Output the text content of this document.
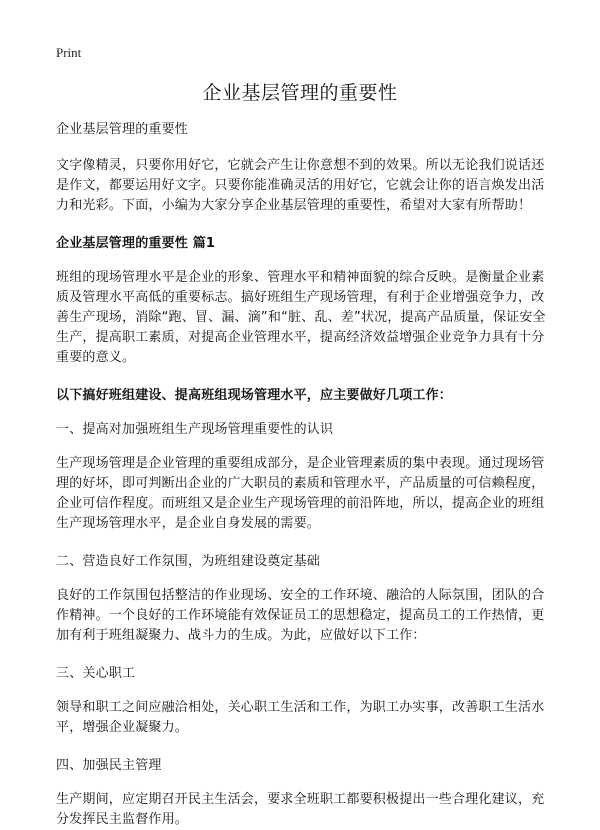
Print
企业基层管理的重要性

企业基层管理的重要性

文字像精灵，只要你用好它，它就会产生让你意想不到的效果。所以无论我们说话还是作文，都要运用好文字。只要你能准确灵活的用好它，它就会让你的语言焕发出活力和光彩。下面，小编为大家分享企业基层管理的重要性，希望对大家有所帮助！

企业基层管理的重要性 篇1

班组的现场管理水平是企业的形象、管理水平和精神面貌的综合反映。是衡量企业素质及管理水平高低的重要标志。搞好班组生产现场管理，有利于企业增强竞争力，改善生产现场，消除“跑、冒、漏、滴”和“脏、乱、差”状况，提高产品质量，保证安全生产，提高职工素质，对提高企业管理水平，提高经济效益增强企业竞争力具有十分重要的意义。

以下搞好班组建设、提高班组现场管理水平，应主要做好几项工作：

一、提高对加强班组生产现场管理重要性的认识

生产现场管理是企业管理的重要组成部分，是企业管理素质的集中表现。通过现场管理的好坏，即可判断出企业的广大职员的素质和管理水平，产品质量的可信赖程度，企业可信作程度。而班组又是企业生产现场管理的前沿阵地，所以，提高企业的班组生产现场管理水平，是企业自身发展的需要。

二、营造良好工作氛围，为班组建设奠定基础

良好的工作氛围包括整洁的作业现场、安全的工作环境、融洽的人际氛围，团队的合作精神。一个良好的工作环境能有效保证员工的思想稳定，提高员工的工作热情，更加有利于班组凝聚力、战斗力的生成。为此，应做好以下工作：

三、关心职工

领导和职工之间应融洽相处，关心职工生活和工作，为职工办实事，改善职工生活水平，增强企业凝聚力。

四、加强民主管理

生产期间，应定期召开民主生活会，要求全班职工都要积极提出一些合理化建议，充分发挥民主监督作用。
